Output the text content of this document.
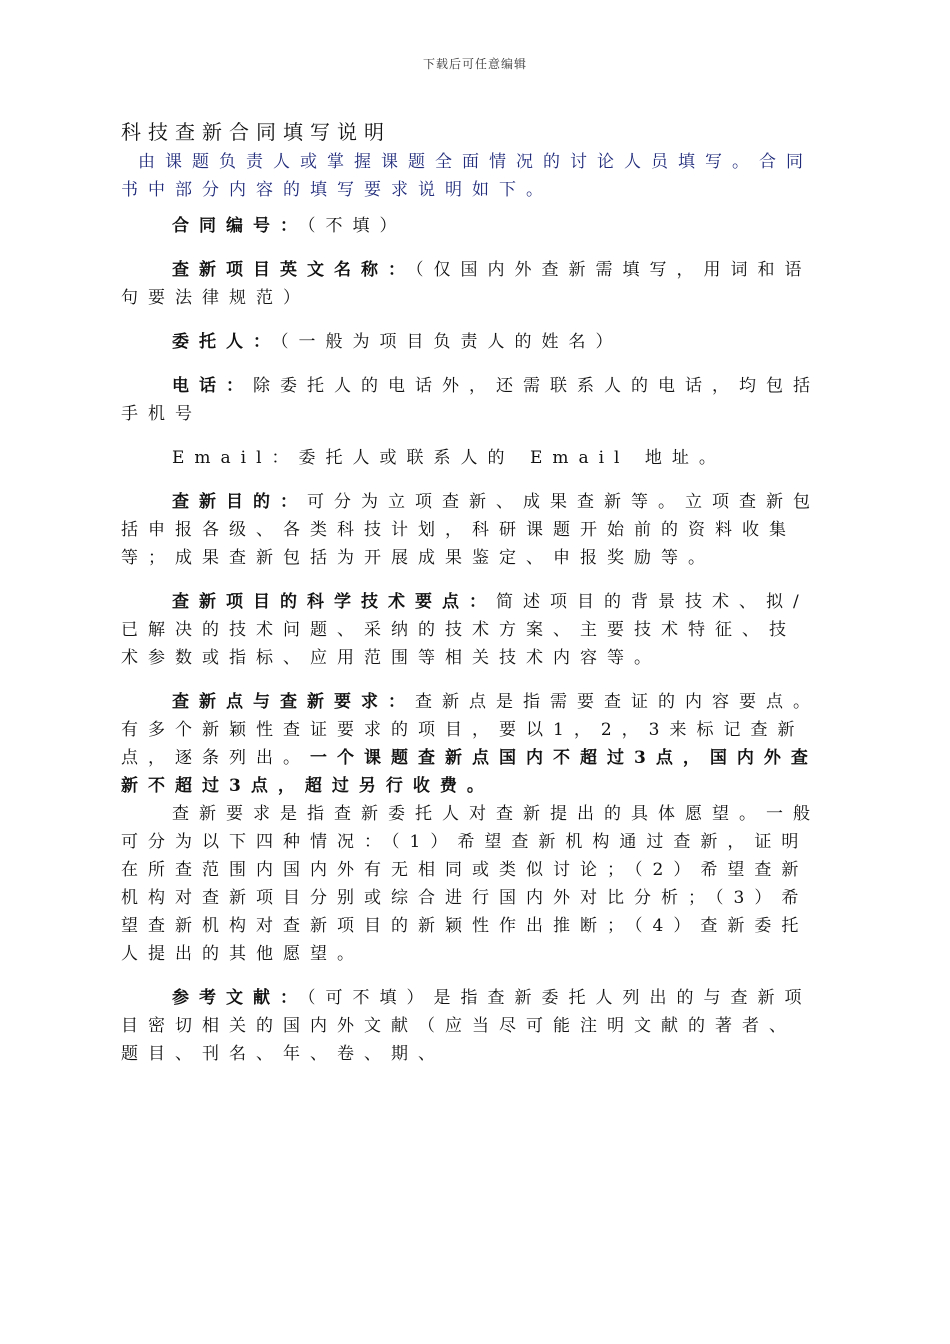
下载后可任意编辑
科技查新合同填写说明

由课题负责人或掌握课题全面情况的讨论人员填写。合同书中部分内容的填写要求说明如下。

合同编号：（不填）

查新项目英文名称：（仅国内外查新需填写，用词和语句要法律规范）

委托人：（一般为项目负责人的姓名）

电话：除委托人的电话外，还需联系人的电话，均包括手机号

Email：委托人或联系人的 Email 地址。

查新目的：可分为立项查新、成果查新等。立项查新包括申报各级、各类科技计划，科研课题开始前的资料收集等；成果查新包括为开展成果鉴定、申报奖励等。

查新项目的科学技术要点：简述项目的背景技术、拟/已解决的技术问题、采纳的技术方案、主要技术特征、技术参数或指标、应用范围等相关技术内容等。

查新点与查新要求：查新点是指需要查证的内容要点。有多个新颖性查证要求的项目，要以1，2，3来标记查新点，逐条列出。一个课题查新点国内不超过3点，国内外查新不超过3点，超过另行收费。

查新要求是指查新委托人对查新提出的具体愿望。一般可分为以下四种情况：（1）希望查新机构通过查新，证明在所查范围内国内外有无相同或类似讨论；（2）希望查新机构对查新项目分别或综合进行国内外对比分析；（3）希望查新机构对查新项目的新颖性作出推断；（4）查新委托人提出的其他愿望。

参考文献：（可不填）是指查新委托人列出的与查新项目密切相关的国内外文献（应当尽可能注明文献的著者、题目、刊名、年、卷、期、
